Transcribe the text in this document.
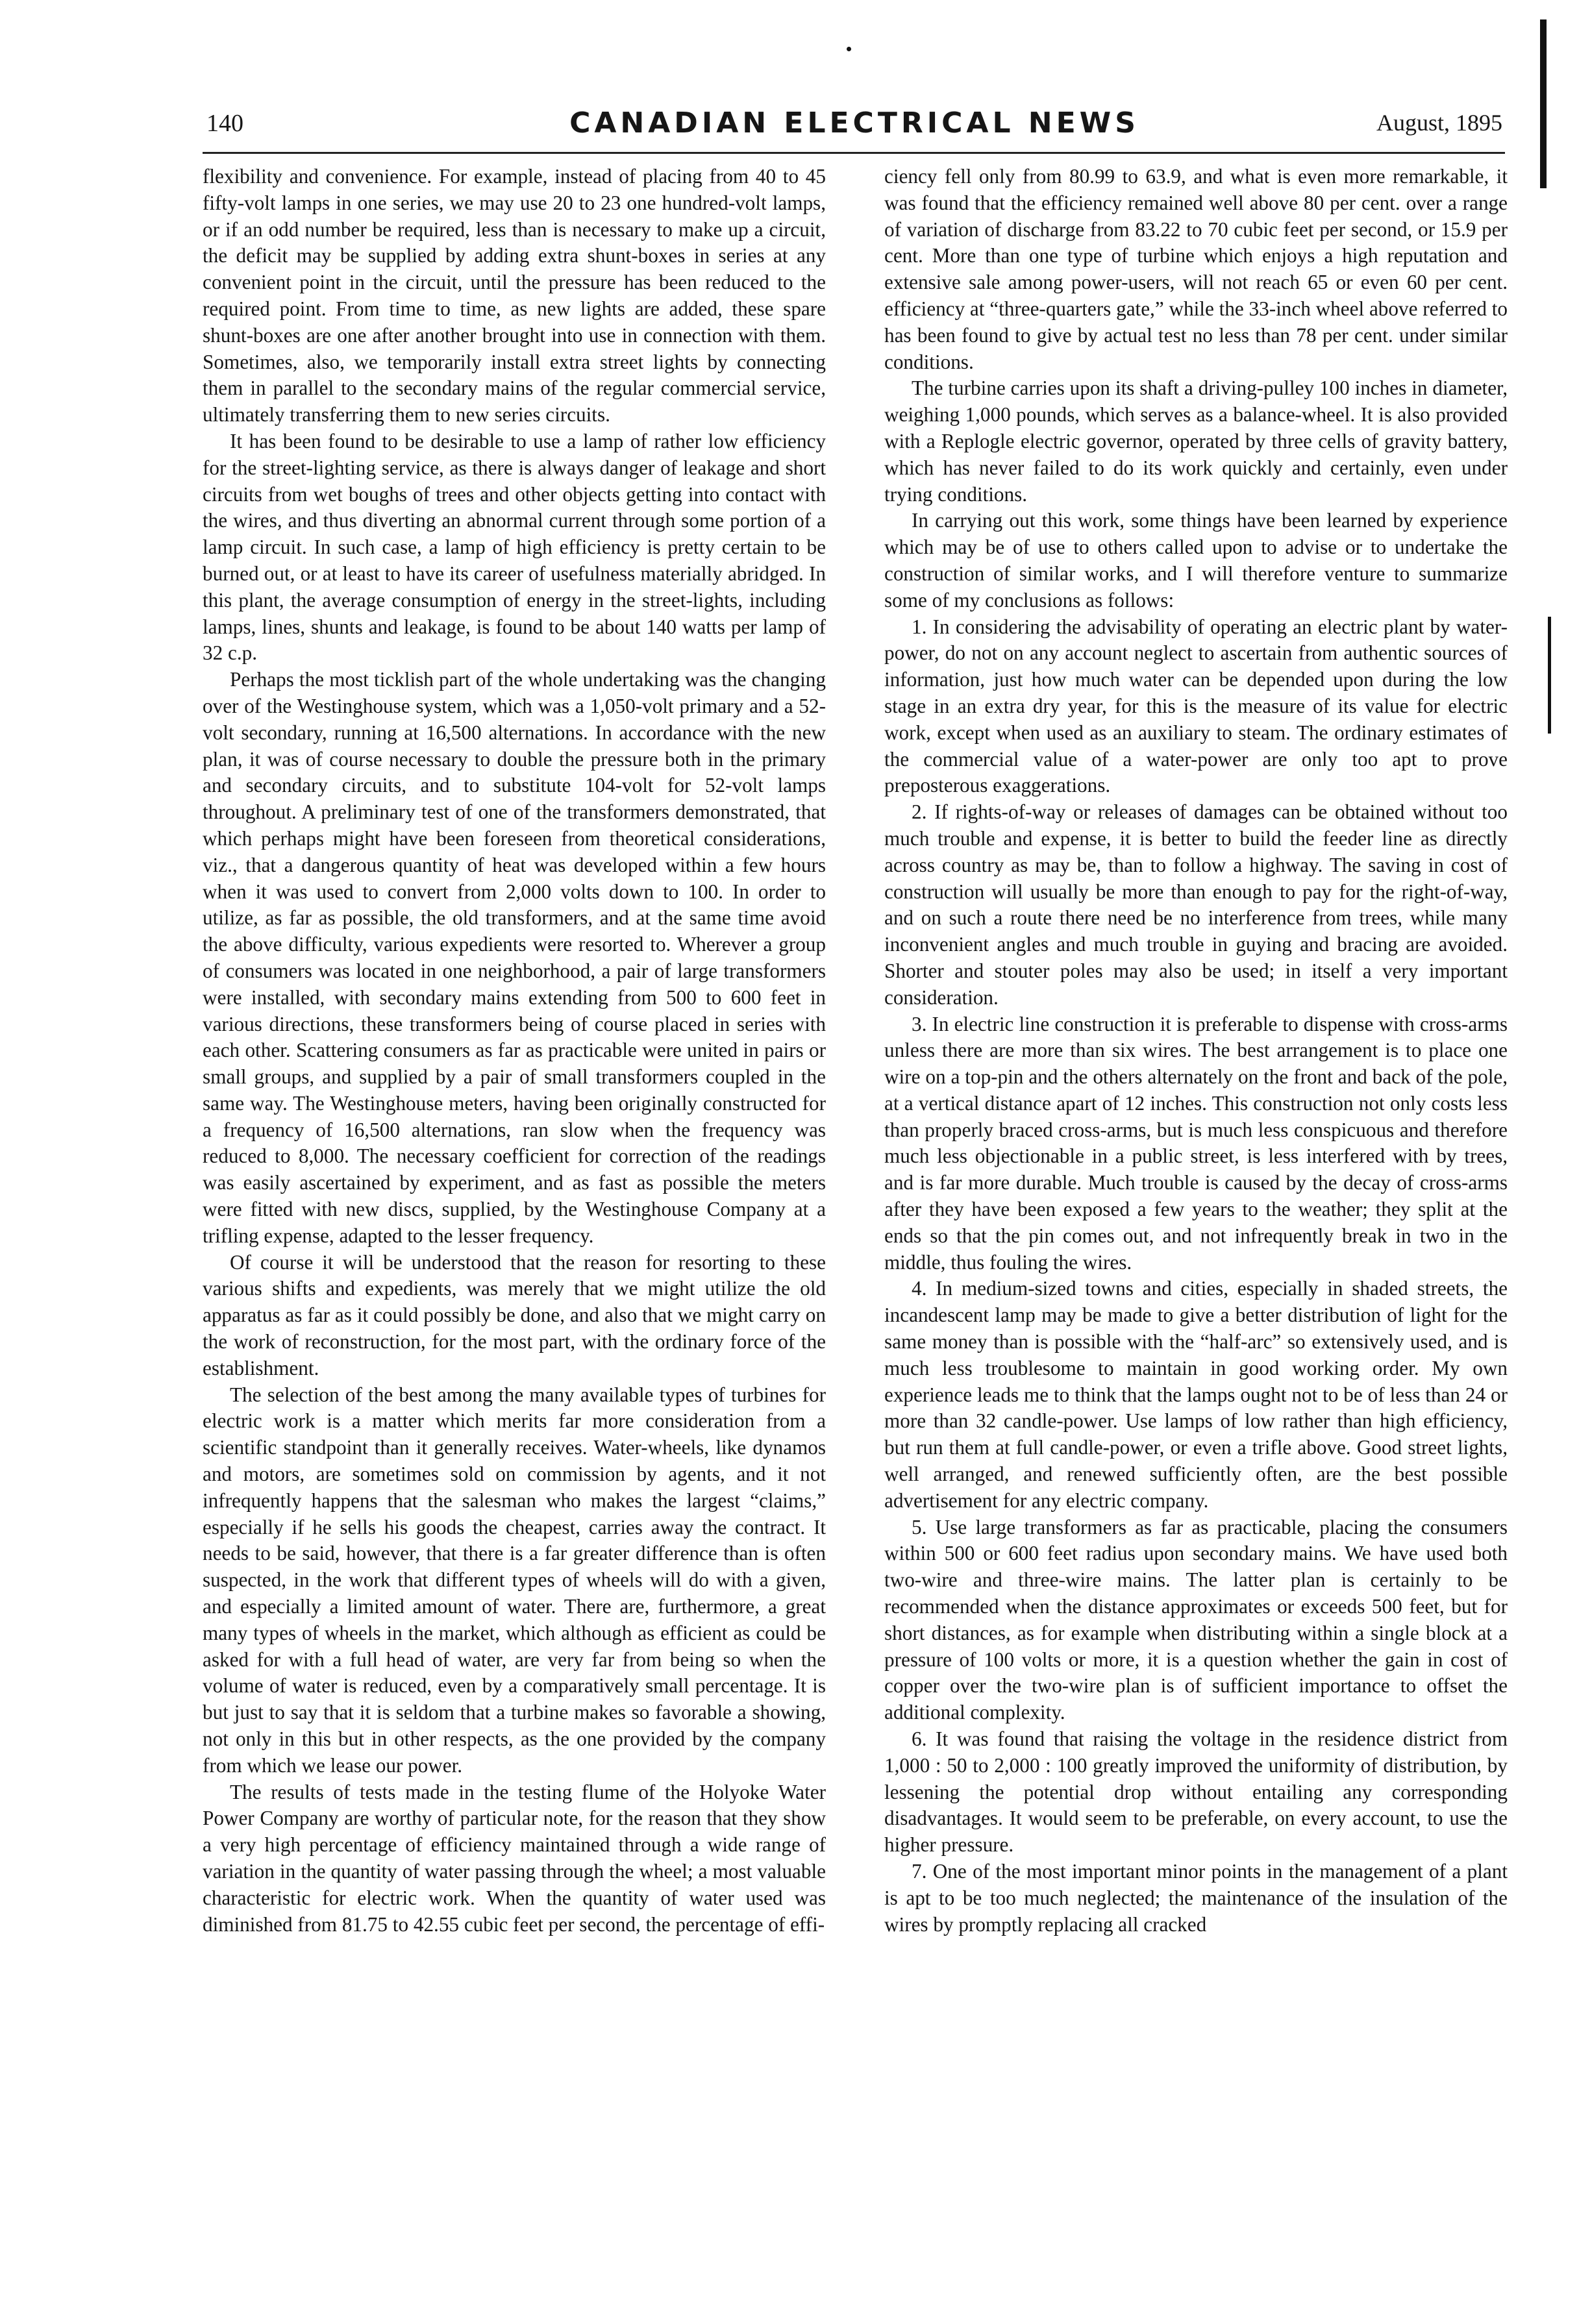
140	CANADIAN ELECTRICAL NEWS	August, 1895

flexibility and convenience. For example, instead of placing from 40 to 45 fifty-volt lamps in one series, we may use 20 to 23 one hundred-volt lamps, or if an odd number be required, less than is necessary to make up a circuit, the deficit may be supplied by adding extra shunt-boxes in series at any convenient point in the circuit, until the pressure has been reduced to the required point. From time to time, as new lights are added, these spare shunt-boxes are one after another brought into use in connection with them. Sometimes, also, we temporarily install extra street lights by connecting them in parallel to the secondary mains of the regular commercial service, ultimately transferring them to new series circuits.

It has been found to be desirable to use a lamp of rather low efficiency for the street-lighting service, as there is always danger of leakage and short circuits from wet boughs of trees and other objects getting into contact with the wires, and thus diverting an abnormal current through some portion of a lamp circuit. In such case, a lamp of high efficiency is pretty certain to be burned out, or at least to have its career of usefulness materially abridged. In this plant, the average consumption of energy in the street-lights, including lamps, lines, shunts and leakage, is found to be about 140 watts per lamp of 32 c.p.

Perhaps the most ticklish part of the whole undertaking was the changing over of the Westinghouse system, which was a 1,050-volt primary and a 52-volt secondary, running at 16,500 alternations. In accordance with the new plan, it was of course necessary to double the pressure both in the primary and secondary circuits, and to substitute 104-volt for 52-volt lamps throughout. A preliminary test of one of the transformers demonstrated, that which perhaps might have been foreseen from theoretical considerations, viz., that a dangerous quantity of heat was developed within a few hours when it was used to convert from 2,000 volts down to 100. In order to utilize, as far as possible, the old transformers, and at the same time avoid the above difficulty, various expedients were resorted to. Wherever a group of consumers was located in one neighborhood, a pair of large transformers were installed, with secondary mains extending from 500 to 600 feet in various directions, these transformers being of course placed in series with each other. Scattering consumers as far as practicable were united in pairs or small groups, and supplied by a pair of small transformers coupled in the same way. The Westinghouse meters, having been originally constructed for a frequency of 16,500 alternations, ran slow when the frequency was reduced to 8,000. The necessary coefficient for correction of the readings was easily ascertained by experiment, and as fast as possible the meters were fitted with new discs, supplied, by the Westinghouse Company at a trifling expense, adapted to the lesser frequency.

Of course it will be understood that the reason for resorting to these various shifts and expedients, was merely that we might utilize the old apparatus as far as it could possibly be done, and also that we might carry on the work of reconstruction, for the most part, with the ordinary force of the establishment.

The selection of the best among the many available types of turbines for electric work is a matter which merits far more consideration from a scientific standpoint than it generally receives. Water-wheels, like dynamos and motors, are sometimes sold on commission by agents, and it not infrequently happens that the salesman who makes the largest “claims,” especially if he sells his goods the cheapest, carries away the contract. It needs to be said, however, that there is a far greater difference than is often suspected, in the work that different types of wheels will do with a given, and especially a limited amount of water. There are, furthermore, a great many types of wheels in the market, which although as efficient as could be asked for with a full head of water, are very far from being so when the volume of water is reduced, even by a comparatively small percentage. It is but just to say that it is seldom that a turbine makes so favorable a showing, not only in this but in other respects, as the one provided by the company from which we lease our power.

The results of tests made in the testing flume of the Holyoke Water Power Company are worthy of particular note, for the reason that they show a very high percentage of efficiency maintained through a wide range of variation in the quantity of water passing through the wheel; a most valuable characteristic for electric work. When the quantity of water used was diminished from 81.75 to 42.55 cubic feet per second, the percentage of effi-

ciency fell only from 80.99 to 63.9, and what is even more remarkable, it was found that the efficiency remained well above 80 per cent. over a range of variation of discharge from 83.22 to 70 cubic feet per second, or 15.9 per cent. More than one type of turbine which enjoys a high reputation and extensive sale among power-users, will not reach 65 or even 60 per cent. efficiency at “three-quarters gate,” while the 33-inch wheel above referred to has been found to give by actual test no less than 78 per cent. under similar conditions.

The turbine carries upon its shaft a driving-pulley 100 inches in diameter, weighing 1,000 pounds, which serves as a balance-wheel. It is also provided with a Replogle electric governor, operated by three cells of gravity battery, which has never failed to do its work quickly and certainly, even under trying conditions.

In carrying out this work, some things have been learned by experience which may be of use to others called upon to advise or to undertake the construction of similar works, and I will therefore venture to summarize some of my conclusions as follows:

1. In considering the advisability of operating an electric plant by water-power, do not on any account neglect to ascertain from authentic sources of information, just how much water can be depended upon during the low stage in an extra dry year, for this is the measure of its value for electric work, except when used as an auxiliary to steam. The ordinary estimates of the commercial value of a water-power are only too apt to prove preposterous exaggerations.

2. If rights-of-way or releases of damages can be obtained without too much trouble and expense, it is better to build the feeder line as directly across country as may be, than to follow a highway. The saving in cost of construction will usually be more than enough to pay for the right-of-way, and on such a route there need be no interference from trees, while many inconvenient angles and much trouble in guying and bracing are avoided. Shorter and stouter poles may also be used; in itself a very important consideration.

3. In electric line construction it is preferable to dispense with cross-arms unless there are more than six wires. The best arrangement is to place one wire on a top-pin and the others alternately on the front and back of the pole, at a vertical distance apart of 12 inches. This construction not only costs less than properly braced cross-arms, but is much less conspicuous and therefore much less objectionable in a public street, is less interfered with by trees, and is far more durable. Much trouble is caused by the decay of cross-arms after they have been exposed a few years to the weather; they split at the ends so that the pin comes out, and not infrequently break in two in the middle, thus fouling the wires.

4. In medium-sized towns and cities, especially in shaded streets, the incandescent lamp may be made to give a better distribution of light for the same money than is possible with the “half-arc” so extensively used, and is much less troublesome to maintain in good working order. My own experience leads me to think that the lamps ought not to be of less than 24 or more than 32 candle-power. Use lamps of low rather than high efficiency, but run them at full candle-power, or even a trifle above. Good street lights, well arranged, and renewed sufficiently often, are the best possible advertisement for any electric company.

5. Use large transformers as far as practicable, placing the consumers within 500 or 600 feet radius upon secondary mains. We have used both two-wire and three-wire mains. The latter plan is certainly to be recommended when the distance approximates or exceeds 500 feet, but for short distances, as for example when distributing within a single block at a pressure of 100 volts or more, it is a question whether the gain in cost of copper over the two-wire plan is of sufficient importance to offset the additional complexity.

6. It was found that raising the voltage in the residence district from 1,000 : 50 to 2,000 : 100 greatly improved the uniformity of distribution, by lessening the potential drop without entailing any corresponding disadvantages. It would seem to be preferable, on every account, to use the higher pressure.

7. One of the most important minor points in the management of a plant is apt to be too much neglected; the maintenance of the insulation of the wires by promptly replacing all cracked
